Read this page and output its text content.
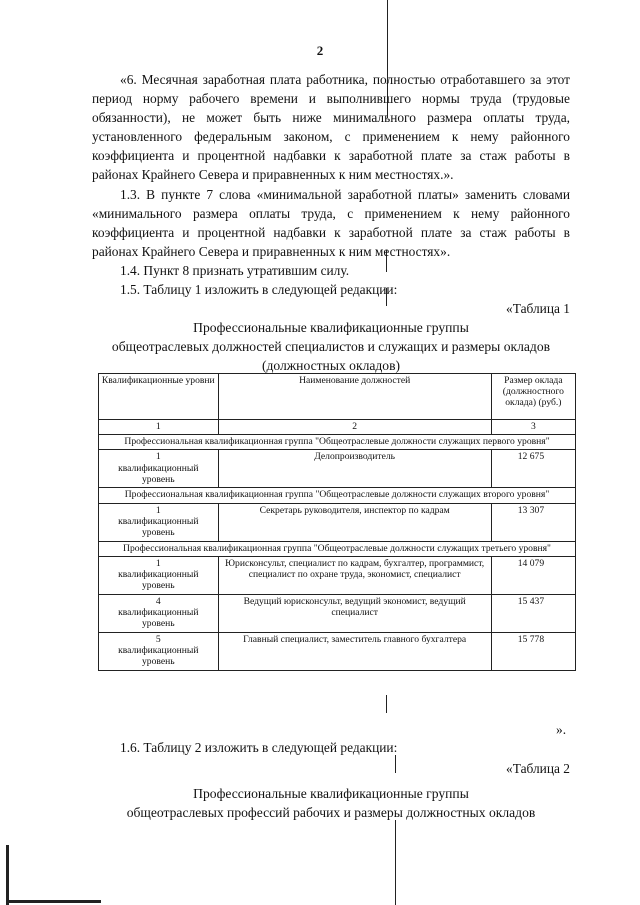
2

«6. Месячная заработная плата работника, полностью отработавшего за этот период норму рабочего времени и выполнившего нормы труда (трудовые обязанности), не может быть ниже минимального размера оплаты труда, установленного федеральным законом, с применением к нему районного коэффициента и процентной надбавки к заработной плате за стаж работы в районах Крайнего Севера и приравненных к ним местностях.».

1.3. В пункте 7 слова «минимальной заработной платы» заменить словами «минимального размера оплаты труда, с применением к нему районного коэффициента и процентной надбавки к заработной плате за стаж работы в районах Крайнего Севера и приравненных к ним местностях».

1.4. Пункт 8 признать утратившим силу.

1.5. Таблицу 1 изложить в следующей редакции:

«Таблица 1

Профессиональные квалификационные группы

общеотраслевых должностей специалистов и служащих и размеры окладов

(должностных окладов)

Квалификационные уровни	Наименование должностей	Размер оклада (должностного оклада) (руб.)
1	2	3
Профессиональная квалификационная группа "Общеотраслевые должности служащих первого уровня"		

1
квалификационный уровень	Делопроизводитель	12 675

Профессиональная квалификационная группа "Общеотраслевые должности служащих второго уровня"		

1
квалификационный уровень	Секретарь руководителя, инспектор по кадрам	13 307

Профессиональная квалификационная группа "Общеотраслевые должности служащих третьего уровня"		

1
квалификационный уровень	Юрисконсульт, специалист по кадрам, бухгалтер, программист, специалист по охране труда, экономист, специалист	14 079

4
квалификационный уровень	Ведущий юрисконсульт, ведущий экономист, ведущий специалист	15 437

5
квалификационный уровень	Главный специалист, заместитель главного бухгалтера	15 778
».

1.6. Таблицу 2 изложить в следующей редакции:

«Таблица 2

Профессиональные квалификационные группы

общеотраслевых профессий рабочих и размеры должностных окладов
